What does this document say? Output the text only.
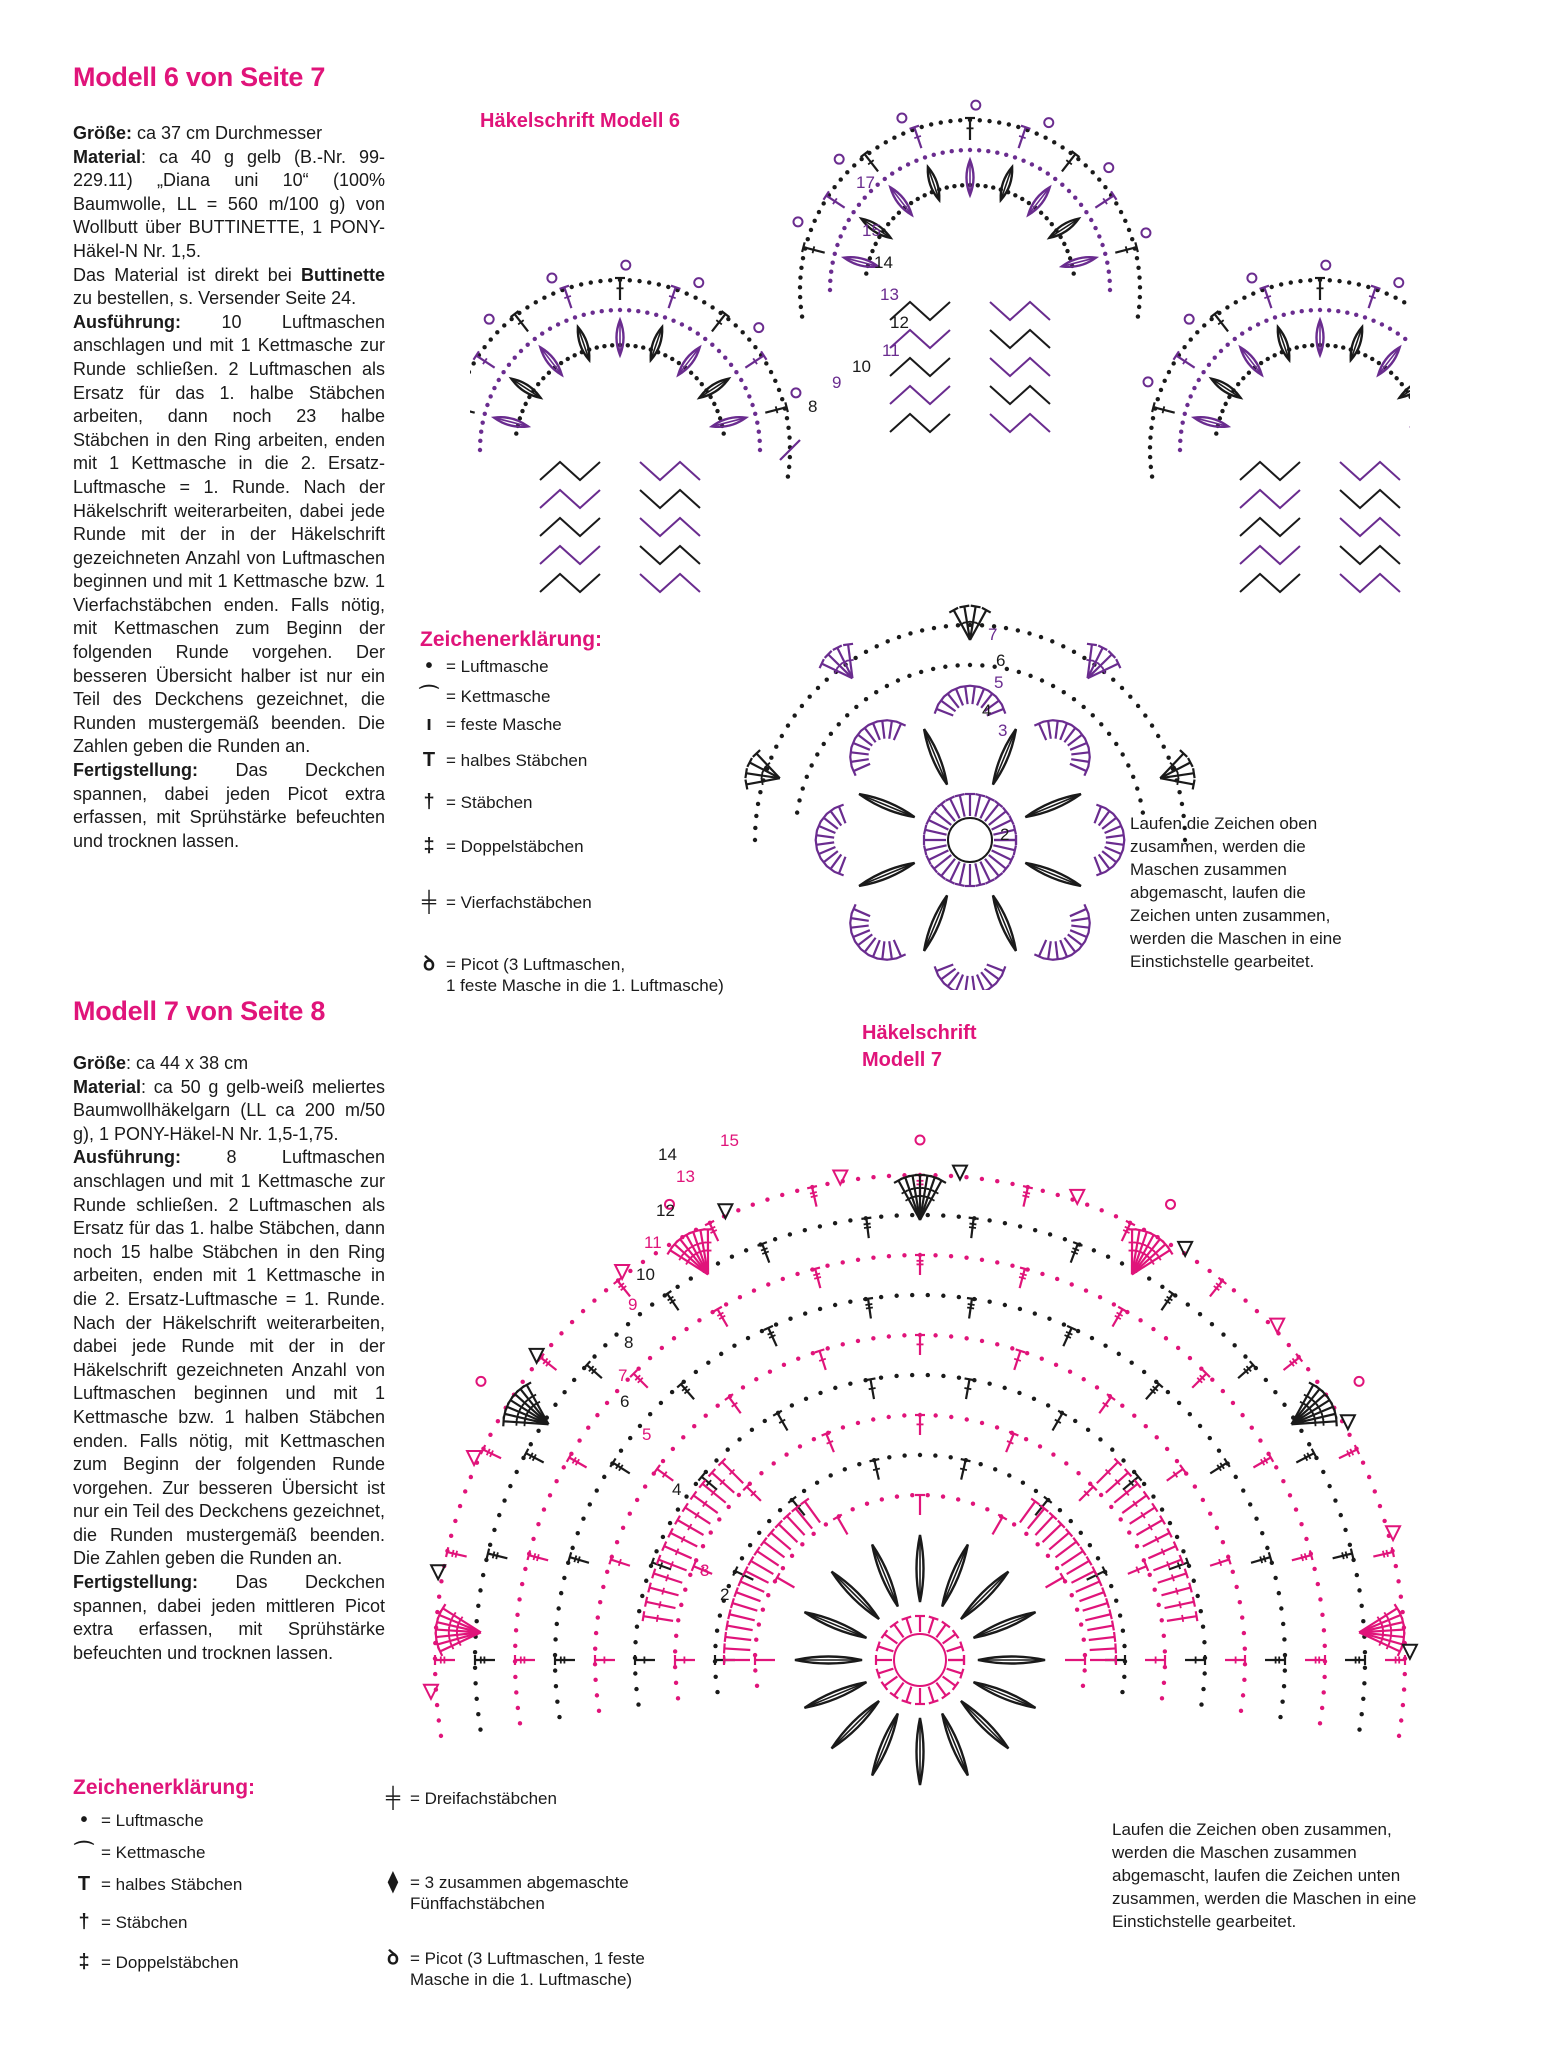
Modell 6 von Seite 7

Größe: ca 37 cm Durchmesser

Material: ca 40 g gelb (B.-Nr. 99-229.11) „Diana uni 10“ (100% Baumwolle, LL = 560 m/100 g) von Wollbutt über BUTTINETTE, 1 PONY-Häkel-N Nr. 1,5.

Das Material ist direkt bei Buttinette zu bestellen, s. Versender Seite 24.

Ausführung: 10 Luftmaschen anschlagen und mit 1 Kettmasche zur Runde schließen. 2 Luftmaschen als Ersatz für das 1. halbe Stäbchen arbeiten, dann noch 23 halbe Stäbchen in den Ring arbeiten, enden mit 1 Kettmasche in die 2. Ersatz-Luftmasche = 1. Runde. Nach der Häkelschrift weiterarbeiten, dabei jede Runde mit der in der Häkelschrift gezeichneten Anzahl von Luftmaschen beginnen und mit 1 Kettmasche bzw. 1 Vierfachstäbchen enden. Falls nötig, mit Kettmaschen zum Beginn der folgenden Runde vorgehen. Der besseren Übersicht halber ist nur ein Teil des Deckchens gezeichnet, die Runden mustergemäß beenden. Die Zahlen geben die Runden an.

Fertigstellung: Das Deckchen spannen, dabei jeden Picot extra erfassen, mit Sprühstärke befeuchten und trocknen lassen.

Häkelschrift Modell 6
2
3
4
5
6
7
8
9
10
11
12
13
14
15
17
Zeichenerklärung:
• = Luftmasche
⌒ = Kettmasche
ı = feste Masche
T = halbes Stäbchen
† = Stäbchen
‡ = Doppelstäbchen
╪ = Vierfachstäbchen
ꝺ = Picot (3 Luftmaschen,
1 feste Masche in die 1. Luftmasche)
Laufen die Zeichen oben zusammen, werden die Maschen zusammen abgemascht, laufen die Zeichen unten zusammen, werden die Maschen in eine Einstichstelle gearbeitet.
Modell 7 von Seite 8

Größe: ca 44 x 38 cm

Material: ca 50 g gelb-weiß meliertes Baumwollhäkelgarn (LL ca 200 m/50 g), 1 PONY-Häkel-N Nr. 1,5-1,75.

Ausführung: 8 Luftmaschen anschlagen und mit 1 Kettmasche zur Runde schließen. 2 Luftmaschen als Ersatz für das 1. halbe Stäbchen, dann noch 15 halbe Stäbchen in den Ring arbeiten, enden mit 1 Kettmasche in die 2. Ersatz-Luftmasche = 1. Runde. Nach der Häkelschrift weiterarbeiten, dabei jede Runde mit der in der Häkelschrift gezeichneten Anzahl von Luftmaschen beginnen und mit 1 Kettmasche bzw. 1 halben Stäbchen enden. Falls nötig, mit Kettmaschen zum Beginn der folgenden Runde vorgehen. Zur besseren Übersicht ist nur ein Teil des Deckchens gezeichnet, die Runden mustergemäß beenden. Die Zahlen geben die Runden an.

Fertigstellung: Das Deckchen spannen, dabei jeden mittleren Picot extra erfassen, mit Sprühstärke befeuchten und trocknen lassen.

Häkelschrift
Modell 7
2
3
4
5
6
7
8
9
10
11
12
13
14
15
Zeichenerklärung:
• = Luftmasche
⌒ = Kettmasche
T = halbes Stäbchen
† = Stäbchen
‡ = Doppelstäbchen
╪ = Dreifachstäbchen
⧫ = 3 zusammen abgemaschte
Fünffachstäbchen
ꝺ = Picot (3 Luftmaschen, 1 feste
Masche in die 1. Luftmasche)
Laufen die Zeichen oben zusammen, werden die Maschen zusammen abgemascht, laufen die Zeichen unten zusammen, werden die Maschen in eine Einstichstelle gearbeitet.
